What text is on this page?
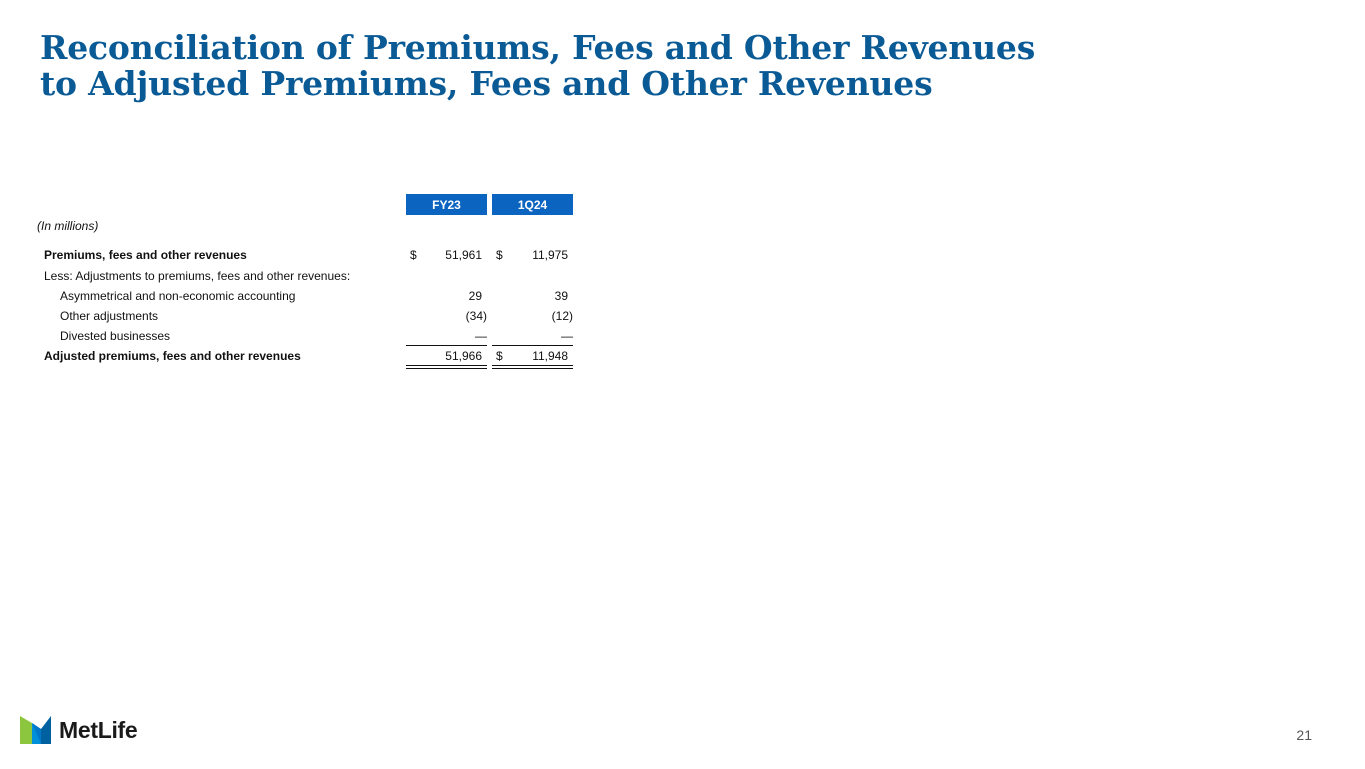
Reconciliation of Premiums, Fees and Other Revenues
to Adjusted Premiums, Fees and Other Revenues
FY23	1Q24
(In millions)
Premiums, fees and other revenues	$ 51,961 $ 11,975
Less: Adjustments to premiums, fees and other revenues:
Asymmetrical and non-economic accounting	29	39
Other adjustments	(34)	(12)
Divested businesses	—	—
Adjusted premiums, fees and other revenues	51,966 $ 11,948
MetLife	21
